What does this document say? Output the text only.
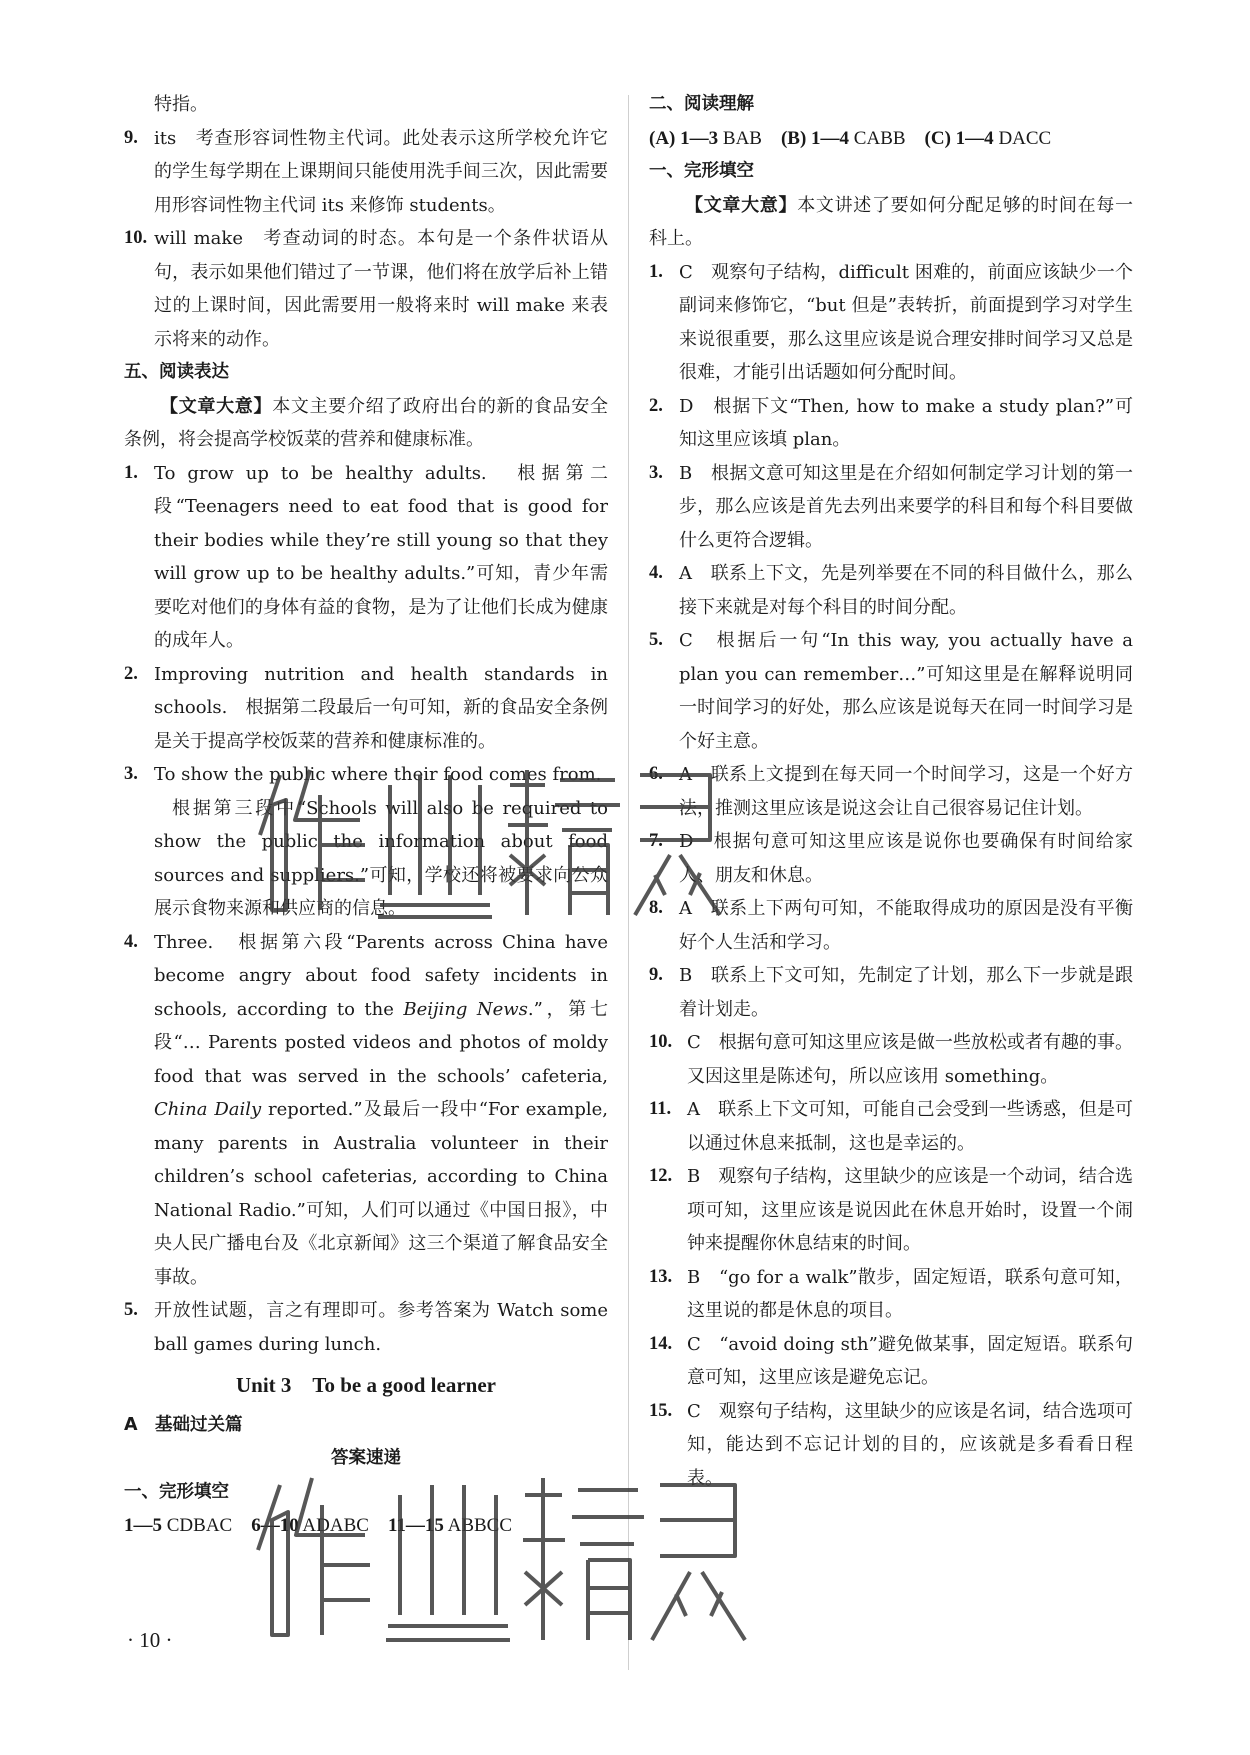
特指。

9. its　考查形容词性物主代词。此处表示这所学校允许它的学生每学期在上课期间只能使用洗手间三次，因此需要用形容词性物主代词 its 来修饰 students。
10. will make　考查动词的时态。本句是一个条件状语从句，表示如果他们错过了一节课，他们将在放学后补上错过的上课时间，因此需要用一般将来时 will make 来表示将来的动作。

五、阅读表达

【文章大意】本文主要介绍了政府出台的新的食品安全条例，将会提高学校饭菜的营养和健康标准。

1. To grow up to be healthy adults.　根据第二段“Teenagers need to eat food that is good for their bodies while they’re still young so that they will grow up to be healthy adults.”可知，青少年需要吃对他们的身体有益的食物，是为了让他们长成为健康的成年人。
2. Improving nutrition and health standards in schools.　根据第二段最后一句可知，新的食品安全条例是关于提高学校饭菜的营养和健康标准的。
3. To show the public where their food comes from.
根据第三段中“Schools will also be required to show the public the information about food sources and suppliers.”可知，学校还将被要求向公众展示食物来源和供应商的信息。
4. Three.　根据第六段“Parents across China have become angry about food safety incidents in schools, according to the Beijing News.”，第七段“… Parents posted videos and photos of moldy food that was served in the schools’ cafeteria, China Daily reported.”及最后一段中“For example, many parents in Australia volunteer in their children’s school cafeterias, according to China National Radio.”可知，人们可以通过《中国日报》，中央人民广播电台及《北京新闻》这三个渠道了解食品安全事故。
5. 开放性试题，言之有理即可。参考答案为 Watch some ball games during lunch.

Unit 3　To be a good learner

A　基础过关篇

答案速递

一、完形填空

1—5 CDBAC　6—10 ADABC　11—15 ABBCC

二、阅读理解

(A) 1—3 BAB　(B) 1—4 CABB　(C) 1—4 DACC

一、完形填空

【文章大意】本文讲述了要如何分配足够的时间在每一科上。

1. C　观察句子结构，difficult 困难的，前面应该缺少一个副词来修饰它，“but 但是”表转折，前面提到学习对学生来说很重要，那么这里应该是说合理安排时间学习又总是很难，才能引出话题如何分配时间。
2. D　根据下文“Then, how to make a study plan?”可知这里应该填 plan。
3. B　根据文意可知这里是在介绍如何制定学习计划的第一步，那么应该是首先去列出来要学的科目和每个科目要做什么更符合逻辑。
4. A　联系上下文，先是列举要在不同的科目做什么，那么接下来就是对每个科目的时间分配。
5. C　根据后一句“In this way, you actually have a plan you can remember…”可知这里是在解释说明同一时间学习的好处，那么应该是说每天在同一时间学习是个好主意。
6. A　联系上文提到在每天同一个时间学习，这是一个好方法，推测这里应该是说这会让自己很容易记住计划。
7. D　根据句意可知这里应该是说你也要确保有时间给家人、朋友和休息。
8. A　联系上下两句可知，不能取得成功的原因是没有平衡好个人生活和学习。
9. B　联系上下文可知，先制定了计划，那么下一步就是跟着计划走。
10. C　根据句意可知这里应该是做一些放松或者有趣的事。又因这里是陈述句，所以应该用 something。
11. A　联系上下文可知，可能自己会受到一些诱惑，但是可以通过休息来抵制，这也是幸运的。
12. B　观察句子结构，这里缺少的应该是一个动词，结合选项可知，这里应该是说因此在休息开始时，设置一个闹钟来提醒你休息结束的时间。
13. B　“go for a walk”散步，固定短语，联系句意可知，这里说的都是休息的项目。
14. C　“avoid doing sth”避免做某事，固定短语。联系句意可知，这里应该是避免忘记。
15. C　观察句子结构，这里缺少的应该是名词，结合选项可知，能达到不忘记计划的目的，应该就是多看看日程表。
· 10 ·
